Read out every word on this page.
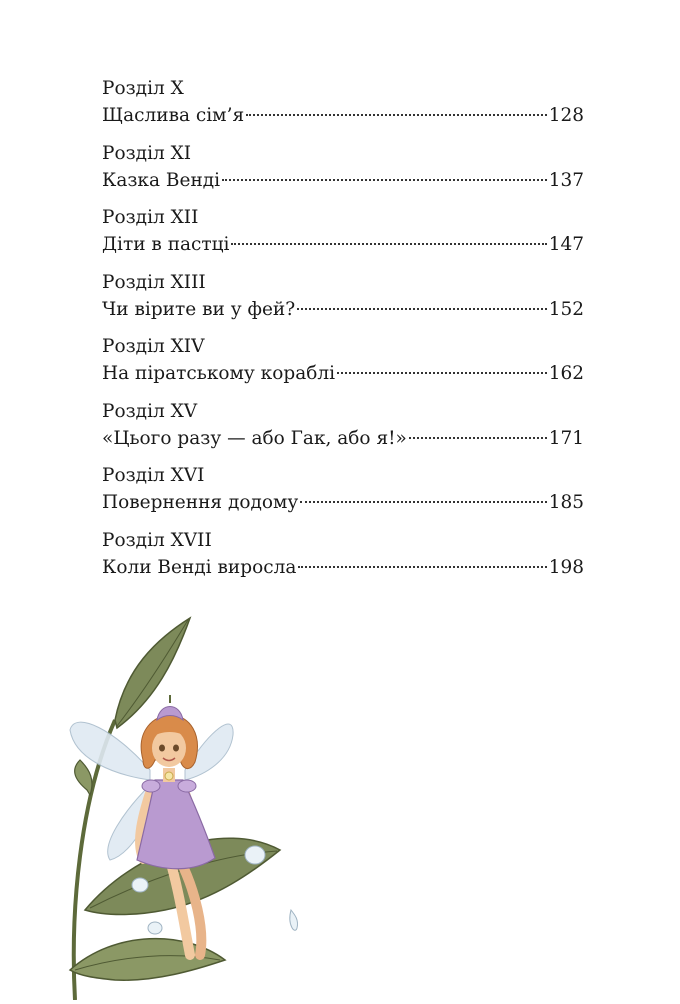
Розділ X
Щаслива сім’я	128
Розділ XI
Казка Венді	137
Розділ XII
Діти в пастці	147
Розділ XIII
Чи вірите ви у фей?	152
Розділ XIV
На піратському кораблі	162
Розділ XV
«Цього разу — або Гак, або я!»	171
Розділ XVI
Повернення додому	185
Розділ XVII
Коли Венді виросла	198
